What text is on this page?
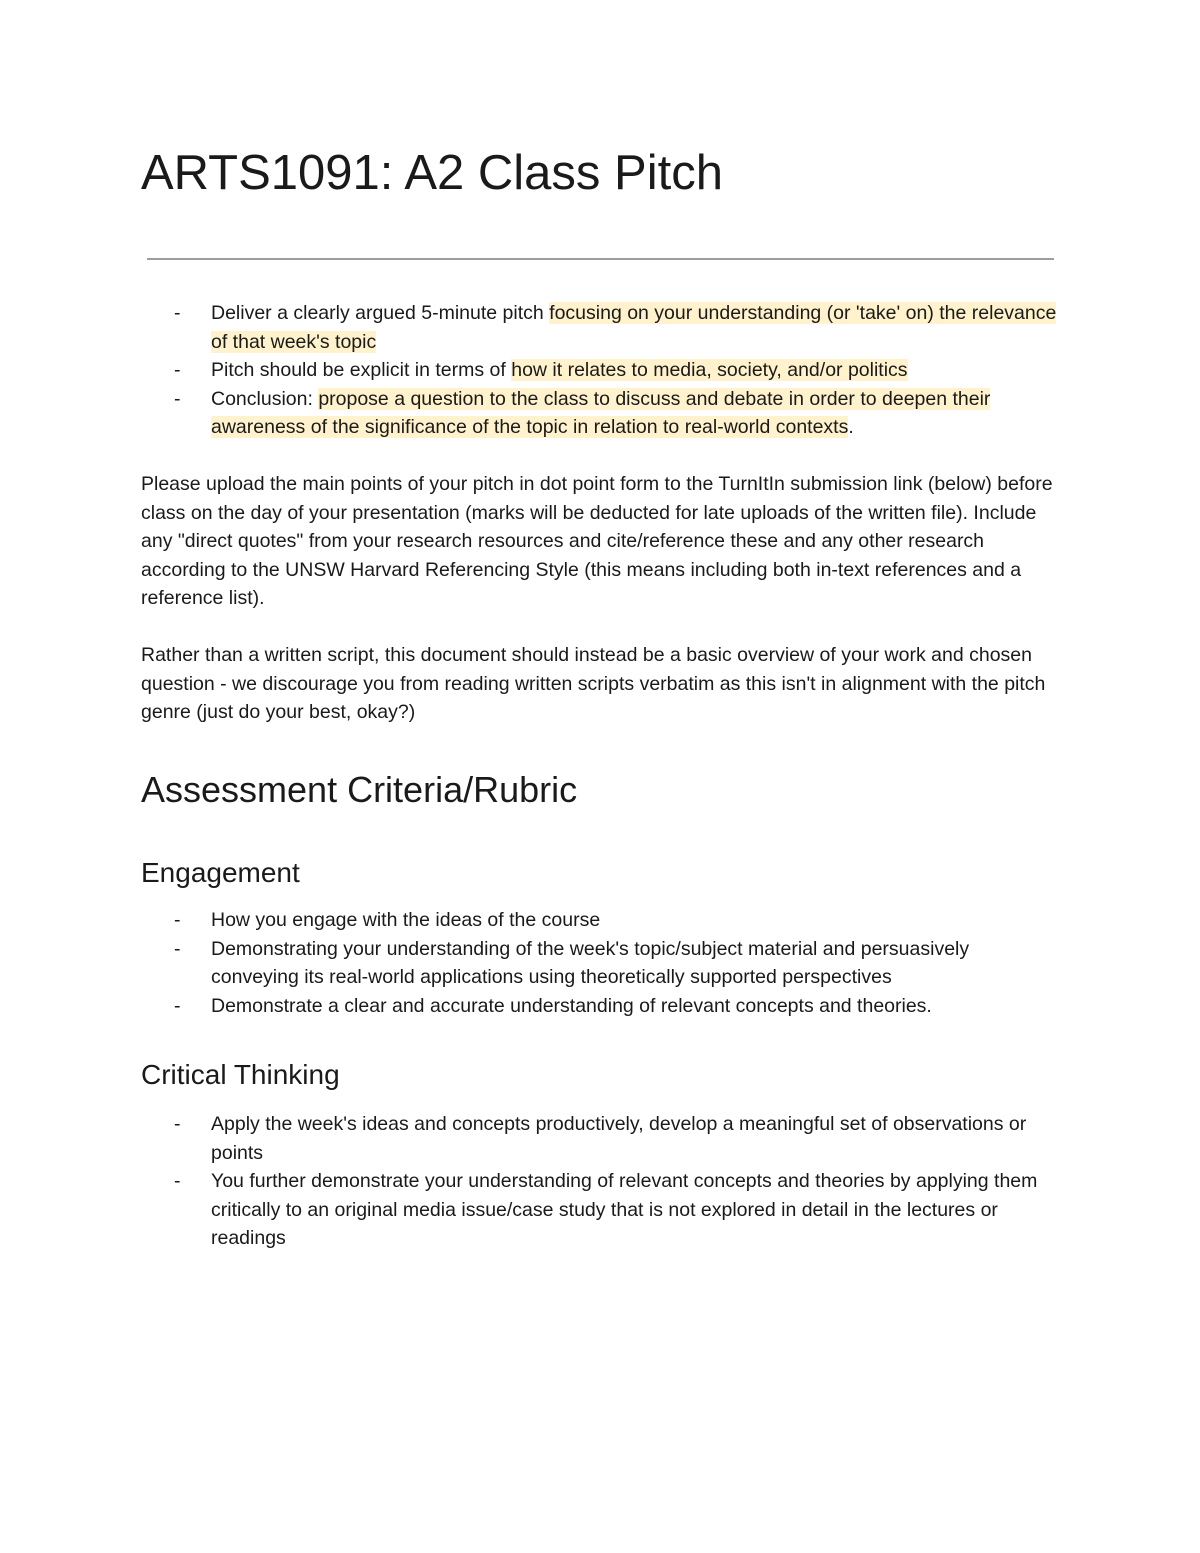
ARTS1091: A2 Class Pitch
- Deliver a clearly argued 5-minute pitch focusing on your understanding (or 'take' on) the relevance of that week's topic
- Pitch should be explicit in terms of how it relates to media, society, and/or politics
- Conclusion: propose a question to the class to discuss and debate in order to deepen their awareness of the significance of the topic in relation to real-world contexts.

Please upload the main points of your pitch in dot point form to the TurnItIn submission link (below) before class on the day of your presentation (marks will be deducted for late uploads of the written file). Include any "direct quotes" from your research resources and cite/reference these and any other research according to the UNSW Harvard Referencing Style (this means including both in-text references and a reference list).

Rather than a written script, this document should instead be a basic overview of your work and chosen question - we discourage you from reading written scripts verbatim as this isn't in alignment with the pitch genre (just do your best, okay?)

Assessment Criteria/Rubric
Engagement
- How you engage with the ideas of the course
- Demonstrating your understanding of the week's topic/subject material and persuasively conveying its real-world applications using theoretically supported perspectives
- Demonstrate a clear and accurate understanding of relevant concepts and theories.
Critical Thinking
- Apply the week's ideas and concepts productively, develop a meaningful set of observations or points
- You further demonstrate your understanding of relevant concepts and theories by applying them critically to an original media issue/case study that is not explored in detail in the lectures or readings
